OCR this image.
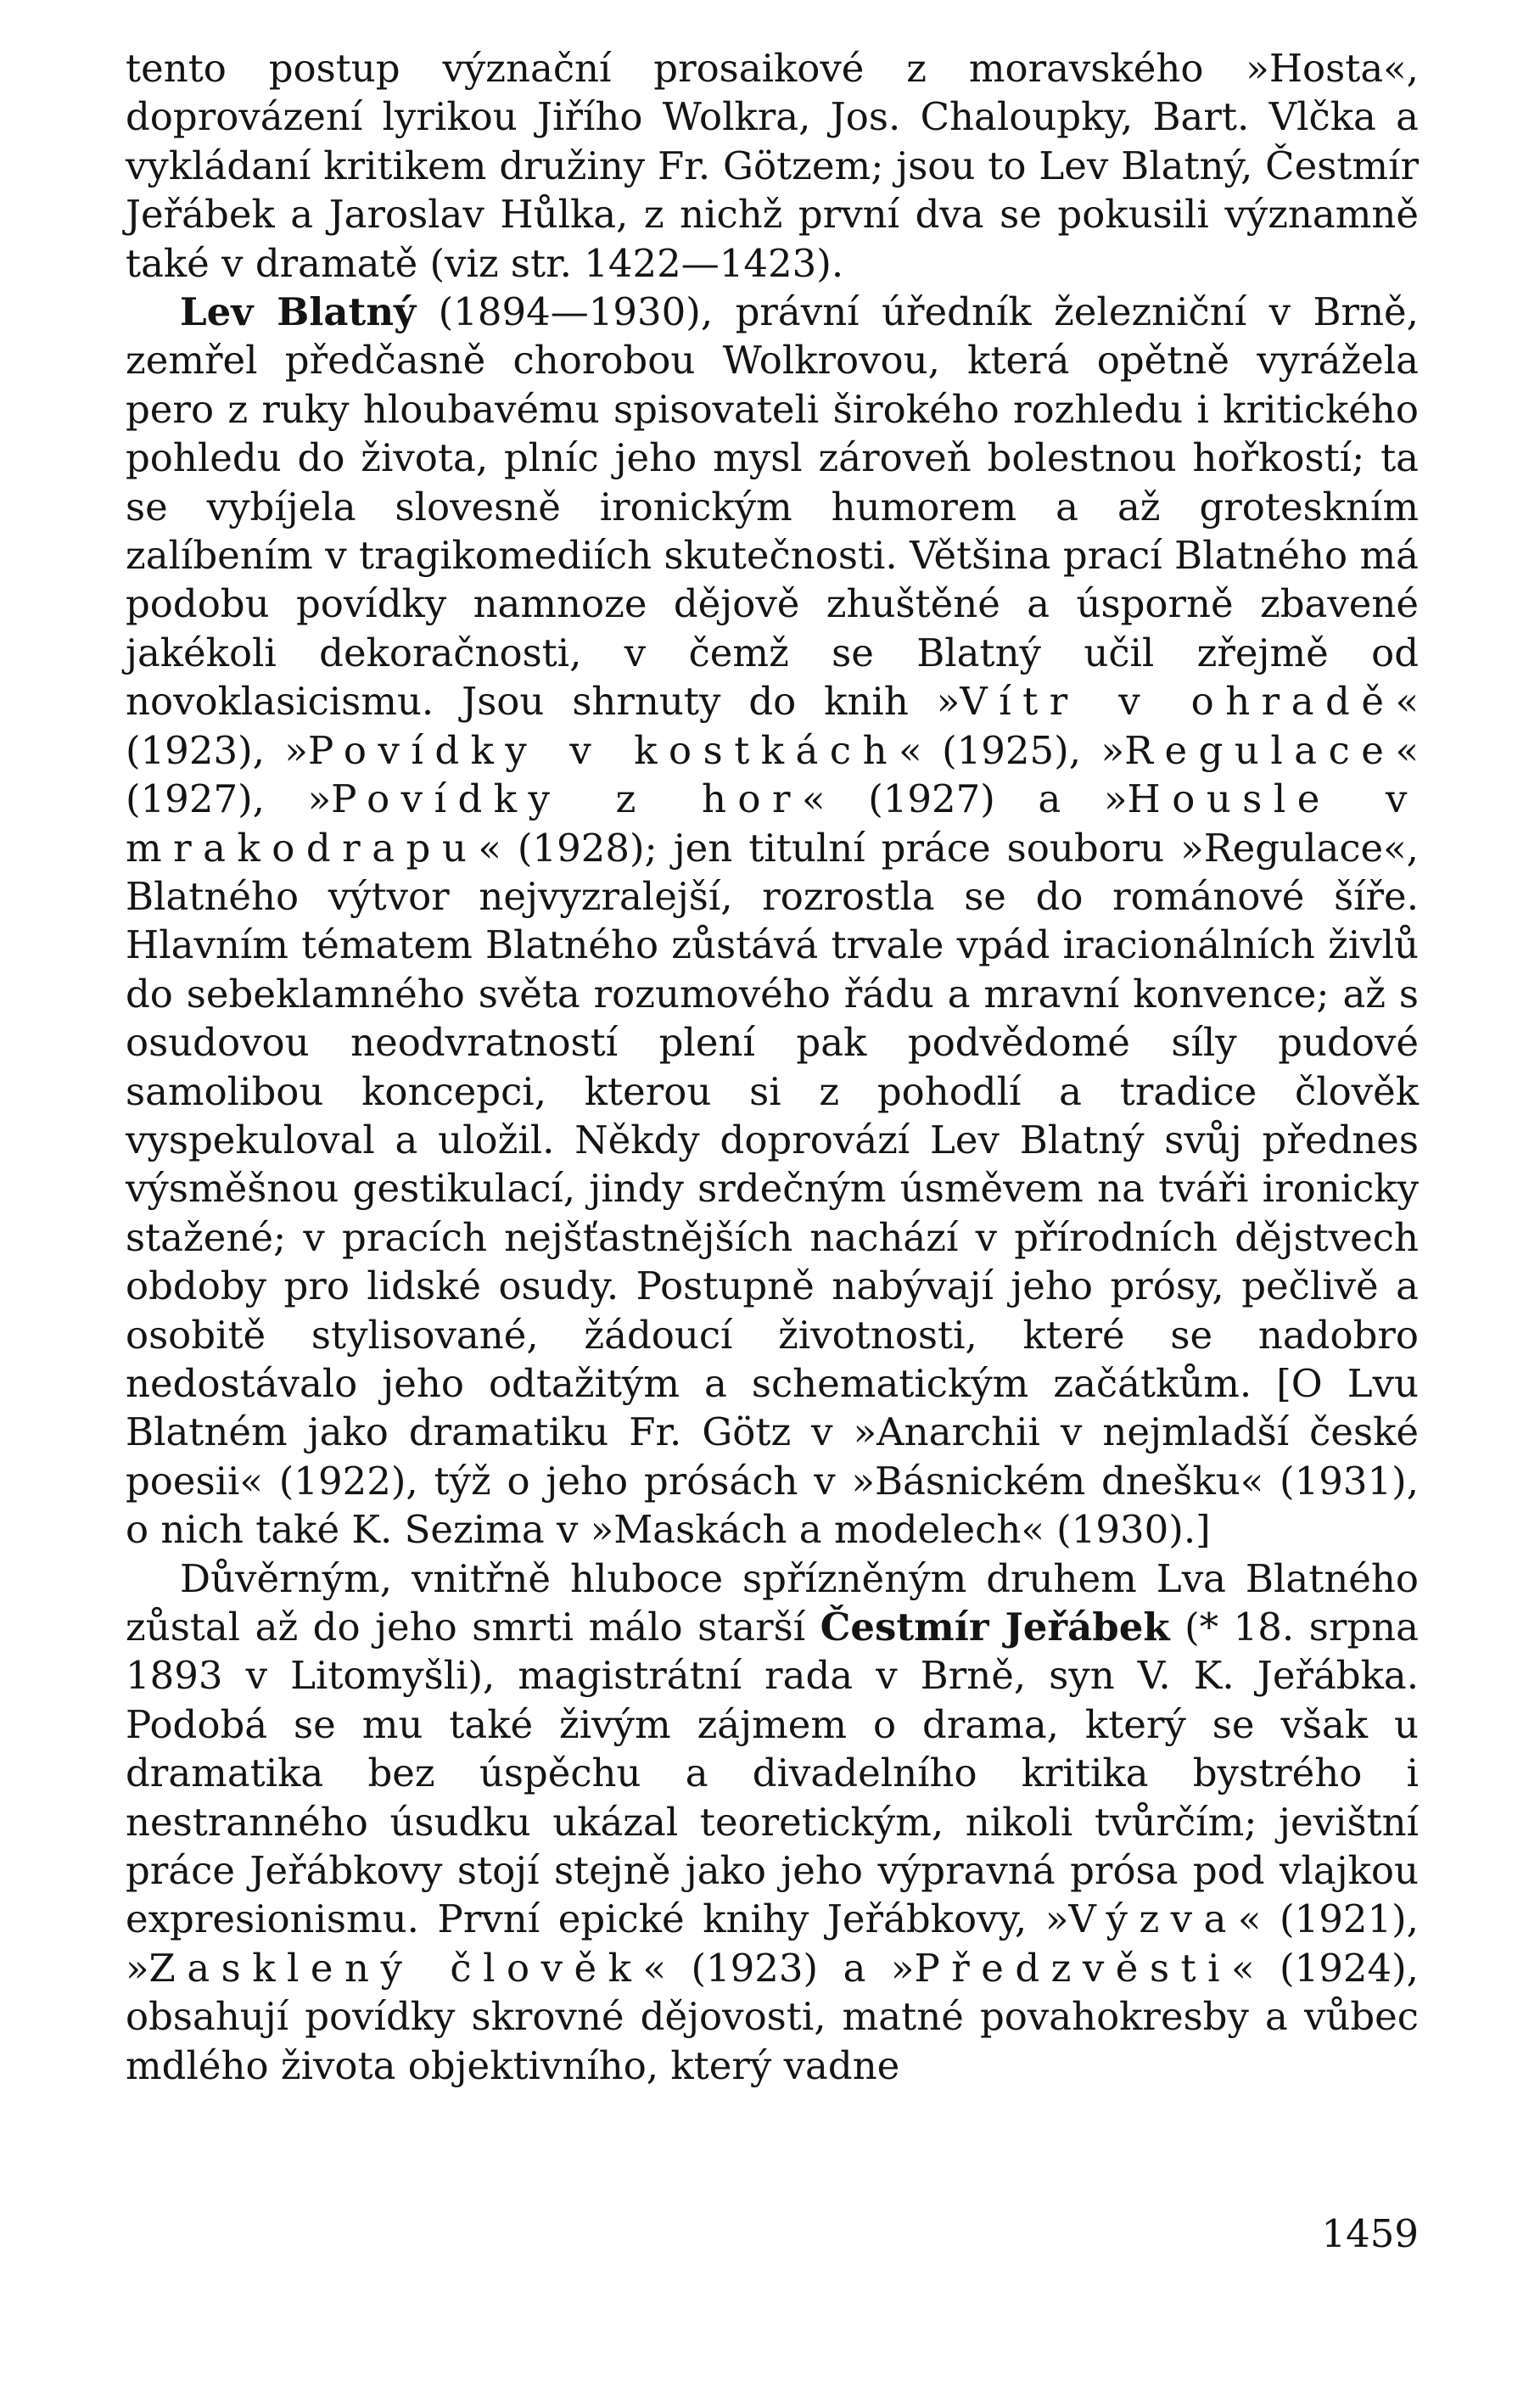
tento postup význační prosaikové z moravského »Hosta«, doprovázení lyrikou Jiřího Wolkra, Jos. Chaloupky, Bart. Vlčka a vykládaní kritikem družiny Fr. Götzem; jsou to Lev Blatný, Čestmír Jeřábek a Jaroslav Hůlka, z nichž první dva se pokusili významně také v dramatě (viz str. 1422—1423).

Lev Blatný (1894—1930), právní úředník železniční v Brně, zemřel předčasně chorobou Wolkrovou, která opětně vyrážela pero z ruky hloubavému spisovateli širokého rozhledu i kritického pohledu do života, plníc jeho mysl zároveň bolestnou hořkostí; ta se vybíjela slovesně ironickým humorem a až groteskním zalíbením v tragikomediích skutečnosti. Většina prací Blatného má podobu povídky namnoze dějově zhuštěné a úsporně zbavené jakékoli dekoračnosti, v čemž se Blatný učil zřejmě od novoklasicismu. Jsou shrnuty do knih »Vítr v ohradě« (1923), »Povídky v kostkách« (1925), »Regulace« (1927), »Povídky z hor« (1927) a »Housle v mrakodrapu« (1928); jen titulní práce souboru »Regulace«, Blatného výtvor nejvyzralejší, rozrostla se do románové šíře. Hlavním tématem Blatného zůstává trvale vpád iracionálních živlů do sebeklamného světa rozumového řádu a mravní konvence; až s osudovou neodvratností plení pak podvědomé síly pudové samolibou koncepci, kterou si z pohodlí a tradice člověk vyspekuloval a uložil. Někdy doprovází Lev Blatný svůj přednes výsměšnou gestikulací, jindy srdečným úsměvem na tváři ironicky stažené; v pracích nejšťastnějších nachází v přírodních dějstvech obdoby pro lidské osudy. Postupně nabývají jeho prósy, pečlivě a osobitě stylisované, žádoucí životnosti, které se nadobro nedostávalo jeho odtažitým a schematickým začátkům. [O Lvu Blatném jako dramatiku Fr. Götz v »Anarchii v nejmladší české poesii« (1922), týž o jeho prósách v »Básnickém dnešku« (1931), o nich také K. Sezima v »Maskách a modelech« (1930).]

Důvěrným, vnitřně hluboce spřízněným druhem Lva Blatného zůstal až do jeho smrti málo starší Čestmír Jeřábek (* 18. srpna 1893 v Litomyšli), magistrátní rada v Brně, syn V. K. Jeřábka. Podobá se mu také živým zájmem o drama, který se však u dramatika bez úspěchu a divadelního kritika bystrého i nestranného úsudku ukázal teoretickým, nikoli tvůrčím; jevištní práce Jeřábkovy stojí stejně jako jeho výpravná prósa pod vlajkou expresionismu. První epické knihy Jeřábkovy, »Výzva« (1921), »Zasklený člověk« (1923) a »Předzvěsti« (1924), obsahují povídky skrovné dějovosti, matné povahokresby a vůbec mdlého života objektivního, který vadne

1459
